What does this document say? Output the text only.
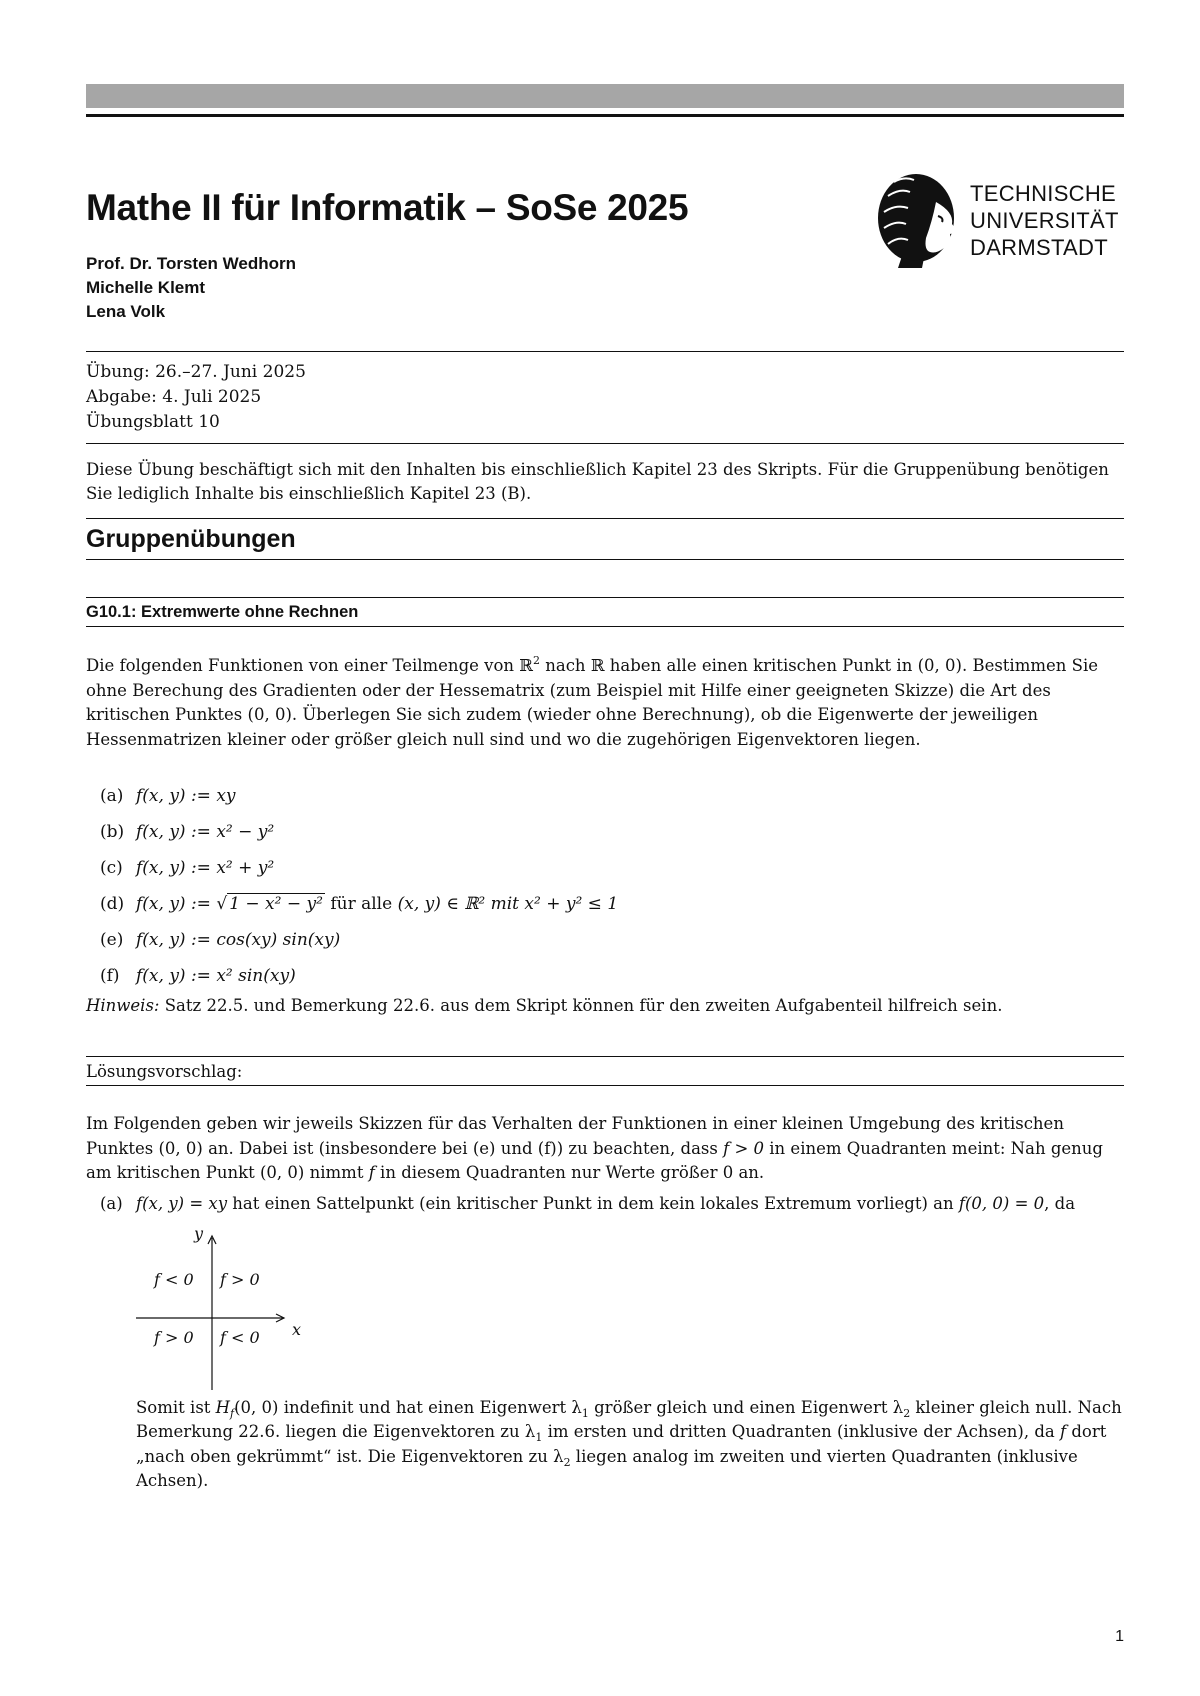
Mathe II für Informatik – SoSe 2025
Prof. Dr. Torsten Wedhorn
Michelle Klemt
Lena Volk
TECHNISCHE
UNIVERSITÄT
DARMSTADT
Übung: 26.–27. Juni 2025
Abgabe: 4. Juli 2025
Übungsblatt 10
Diese Übung beschäftigt sich mit den Inhalten bis einschließlich Kapitel 23 des Skripts. Für die Gruppenübung benötigen Sie lediglich Inhalte bis einschließlich Kapitel 23 (B).
Gruppenübungen
G10.1: Extremwerte ohne Rechnen
Die folgenden Funktionen von einer Teilmenge von ℝ$^2$ nach ℝ haben alle einen kritischen Punkt in (0, 0). Bestimmen Sie ohne Berechung des Gradienten oder der Hessematrix (zum Beispiel mit Hilfe einer geeigneten Skizze) die Art des kritischen Punktes (0, 0). Überlegen Sie sich zudem (wieder ohne Berechnung), ob die Eigenwerte der jeweiligen Hessenmatrizen kleiner oder größer gleich null sind und wo die zugehörigen Eigenvektoren liegen.
(a) f(x, y) := xy
(b) f(x, y) := x² − y²
(c) f(x, y) := x² + y²
(d) f(x, y) := √ 1 − x² − y² für alle (x, y) ∈ ℝ² mit x² + y² ≤ 1
(e) f(x, y) := cos(xy) sin(xy)
(f) f(x, y) := x² sin(xy)
Hinweis: Satz 22.5. und Bemerkung 22.6. aus dem Skript können für den zweiten Aufgabenteil hilfreich sein.
Lösungsvorschlag:
Im Folgenden geben wir jeweils Skizzen für das Verhalten der Funktionen in einer kleinen Umgebung des kritischen Punktes (0, 0) an. Dabei ist (insbesondere bei (e) und (f)) zu beachten, dass f > 0 in einem Quadranten meint: Nah genug am kritischen Punkt (0, 0) nimmt f in diesem Quadranten nur Werte größer 0 an.
(a) f(x, y) = xy hat einen Sattelpunkt (ein kritischer Punkt in dem kein lokales Extremum vorliegt) an f(0, 0) = 0, da
y
x
f > 0
f < 0
f > 0 f < 0
Somit ist $H_f(0$, 0) indefinit und hat einen Eigenwert $\lambda_1$ größer gleich und einen Eigenwert $\lambda_2$ kleiner gleich null. Nach Bemerkung 22.6. liegen die Eigenvektoren zu $\lambda_1$ im ersten und dritten Quadranten (inklusive der Achsen), da f dort „nach oben gekrümmt“ ist. Die Eigenvektoren zu $\lambda_2$ liegen analog im zweiten und vierten Quadranten (inklusive Achsen).
1
